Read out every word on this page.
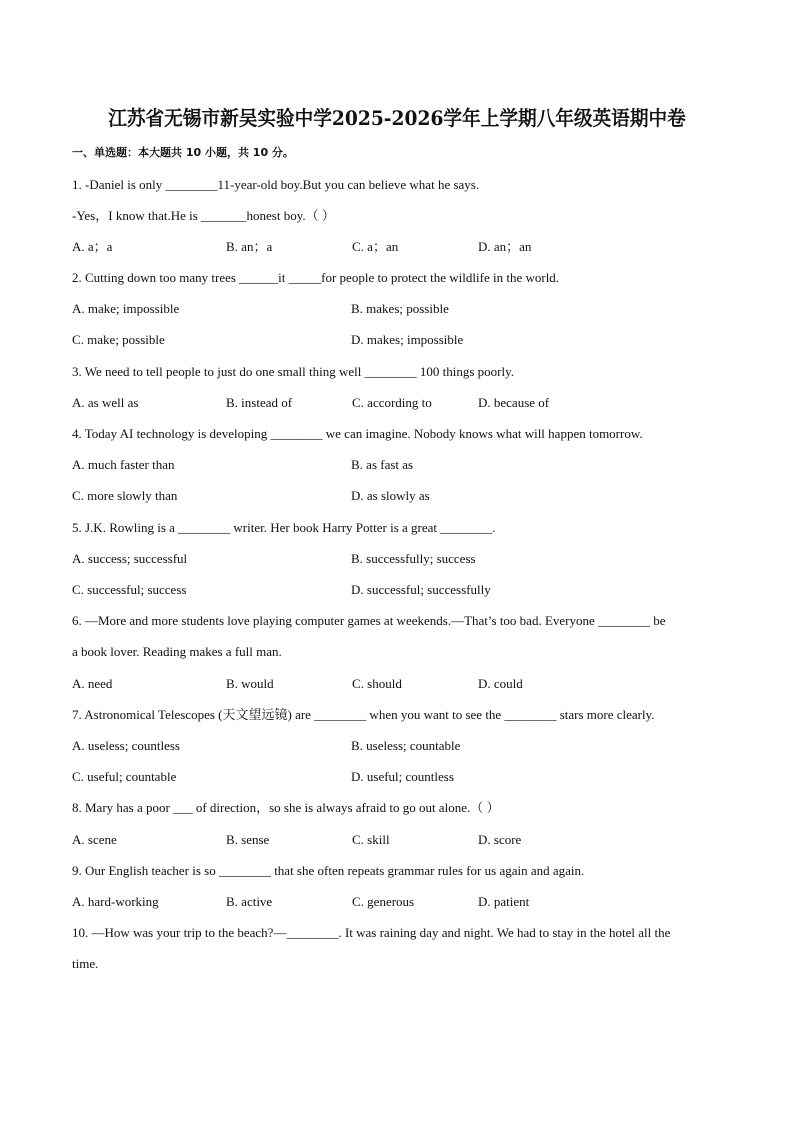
江苏省无锡市新吴实验中学2025-2026学年上学期八年级英语期中卷
一、单选题：本大题共 10 小题，共 10 分。
1. -Daniel is only ________11-year-old boy.But you can believe what he says.
-Yes，I know that.He is _______honest boy.（ ）
A. a；a	B. an；a	C. a；an	D. an；an
2. Cutting down too many trees ______it _____for people to protect the wildlife in the world.
A. make; impossible	B. makes; possible
C. make; possible	D. makes; impossible
3. We need to tell people to just do one small thing well ________ 100 things poorly.
A. as well as	B. instead of	C. according to	D. because of
4. Today AI technology is developing ________ we can imagine. Nobody knows what will happen tomorrow.
A. much faster than	B. as fast as
C. more slowly than	D. as slowly as
5. J.K. Rowling is a ________ writer. Her book Harry Potter is a great ________.
A. success; successful	B. successfully; success
C. successful; success	D. successful; successfully
6. —More and more students love playing computer games at weekends.—That’s too bad. Everyone ________ be
a book lover. Reading makes a full man.
A. need	B. would	C. should	D. could
7. Astronomical Telescopes (天文望远镜) are ________ when you want to see the ________ stars more clearly.
A. useless; countless	B. useless; countable
C. useful; countable	D. useful; countless
8. Mary has a poor ___ of direction，so she is always afraid to go out alone.（ ）
A. scene	B. sense	C. skill	D. score
9. Our English teacher is so ________ that she often repeats grammar rules for us again and again.
A. hard-working	B. active	C. generous	D. patient
10. —How was your trip to the beach?—________. It was raining day and night. We had to stay in the hotel all the
time.
